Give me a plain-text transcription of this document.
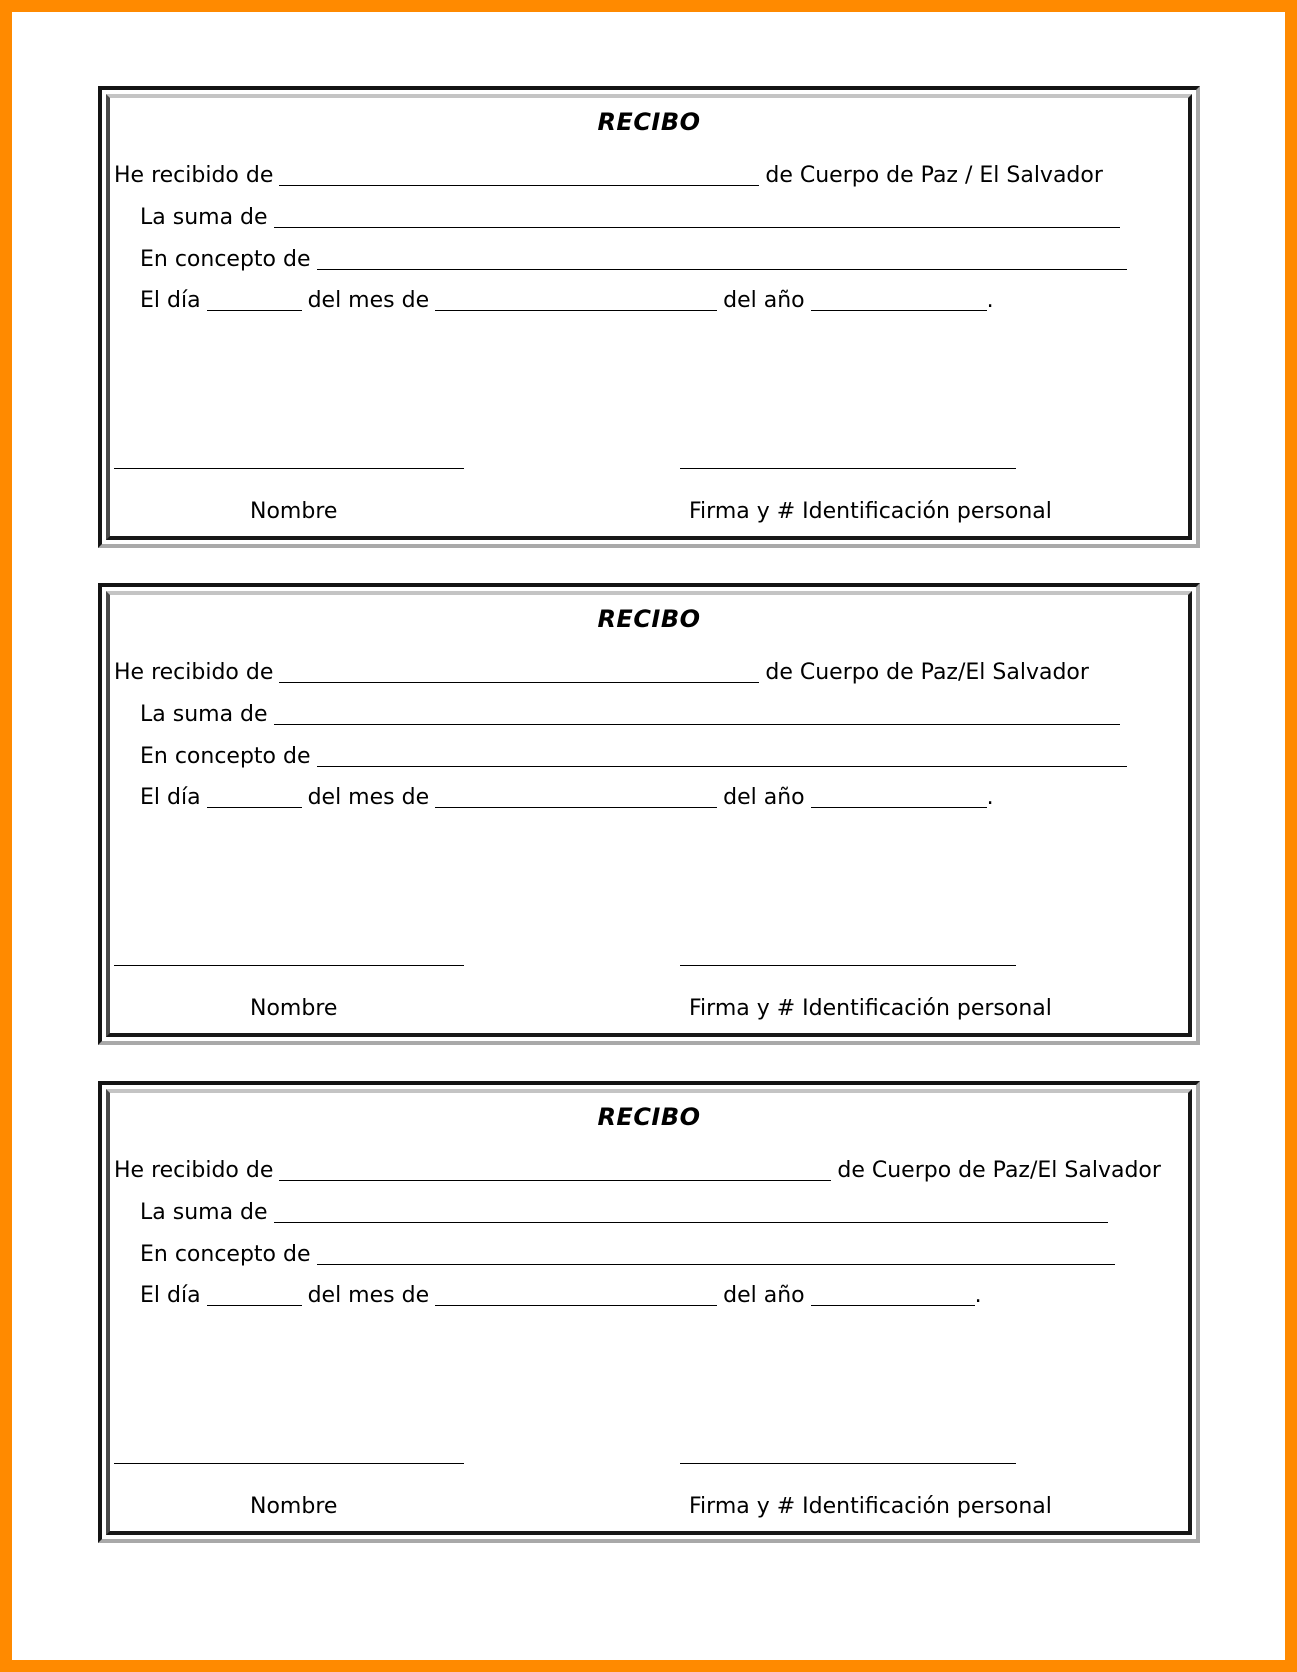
RECIBO
He recibido de	de Cuerpo de Paz / El Salvador
La suma de
En concepto de
El día	del mes de	del año	.
Nombre	Firma y # Identificación personal
RECIBO
He recibido de	de Cuerpo de Paz/El Salvador
La suma de
En concepto de
El día	del mes de	del año	.
Nombre	Firma y # Identificación personal
RECIBO
He recibido de	de Cuerpo de Paz/El Salvador
La suma de
En concepto de
El día	del mes de	del año	.
Nombre	Firma y # Identificación personal
